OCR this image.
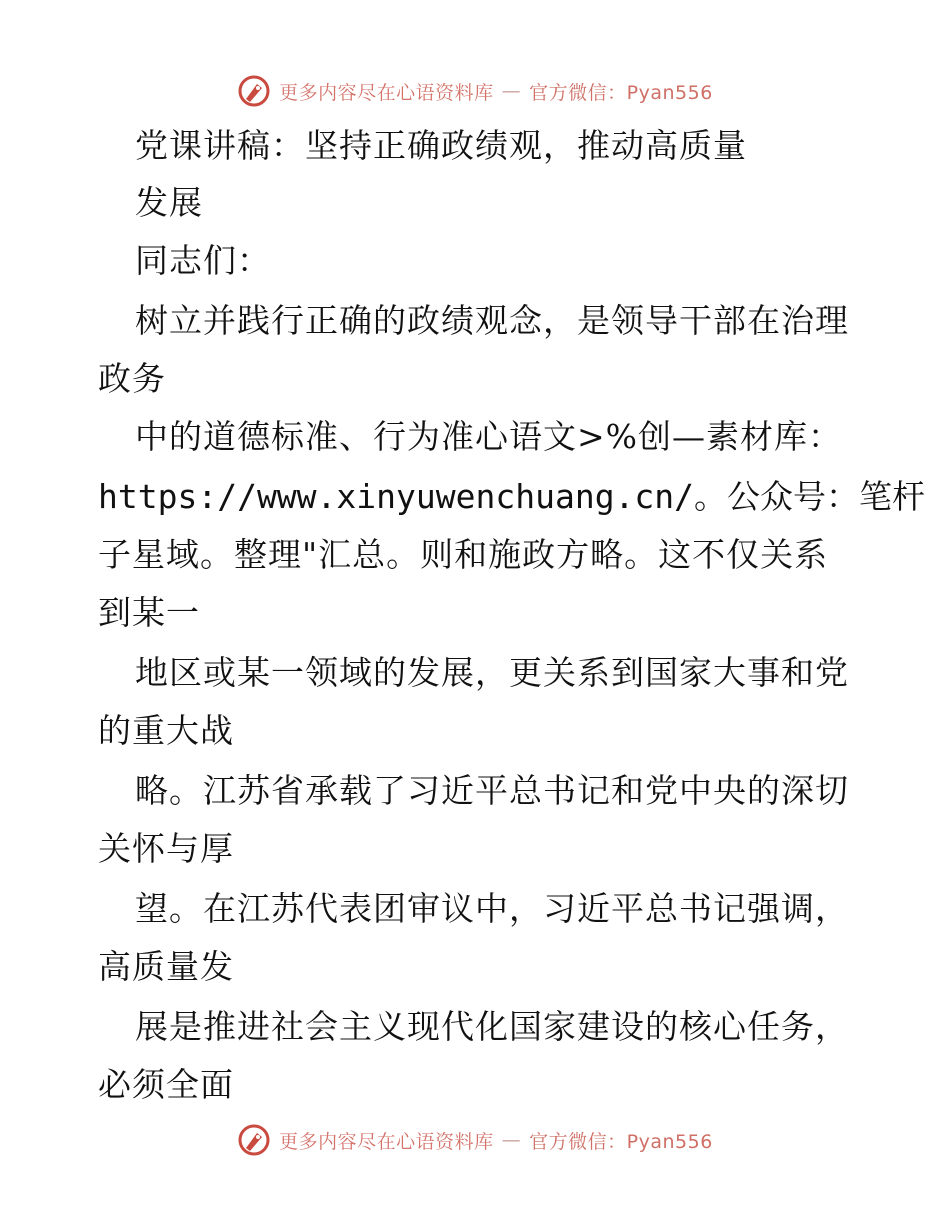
更多内容尽在心语资料库 — 官方微信：Pyan556
党课讲稿：坚持正确政绩观，推动高质量
发展
同志们：
树立并践行正确的政绩观念，是领导干部在治理
政务
中的道德标准、行为准心语文>%创—素材库：
https://www.xinyuwenchuang.cn/。公众号：笔杆
子星域。整理"汇总。则和施政方略。这不仅关系
到某一
地区或某一领域的发展，更关系到国家大事和党
的重大战
略。江苏省承载了习近平总书记和党中央的深切
关怀与厚
望。在江苏代表团审议中，习近平总书记强调，
高质量发
展是推进社会主义现代化国家建设的核心任务，
必须全面
更多内容尽在心语资料库 — 官方微信：Pyan556
